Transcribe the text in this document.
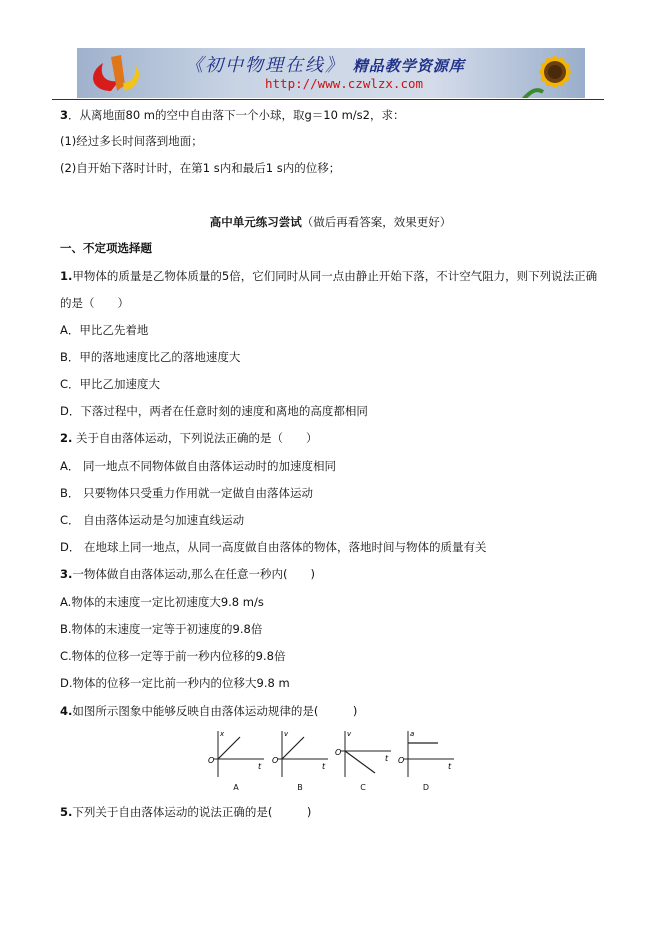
《初中物理在线》 精品教学资源库
http://www.czwlzx.com
3．从离地面80 m的空中自由落下一个小球，取g＝10 m/s2，求：
(1)经过多长时间落到地面；
(2)自开始下落时计时，在第1 s内和最后1 s内的位移；
高中单元练习尝试（做后再看答案，效果更好）
一、不定项选择题
1.甲物体的质量是乙物体质量的5倍，它们同时从同一点由静止开始下落，不计空气阻力，则下列说法正确
的是（　　）
A．甲比乙先着地
B．甲的落地速度比乙的落地速度大
C．甲比乙加速度大
D．下落过程中，两者在任意时刻的速度和离地的高度都相同
2. 关于自由落体运动，下列说法正确的是（　　）
A． 同一地点不同物体做自由落体运动时的加速度相同
B． 只要物体只受重力作用就一定做自由落体运动
C． 自由落体运动是匀加速直线运动
D． 在地球上同一地点，从同一高度做自由落体的物体，落地时间与物体的质量有关
3.一物体做自由落体运动,那么在任意一秒内(　　)
A.物体的末速度一定比初速度大9.8 m/s
B.物体的末速度一定等于初速度的9.8倍
C.物体的位移一定等于前一秒内位移的9.8倍
D.物体的位移一定比前一秒内的位移大9.8 m
4.如图所示图象中能够反映自由落体运动规律的是(　　　)
x
O
t
A
v
O
t
B
v
O
t
C
a
O
t
D
5.下列关于自由落体运动的说法正确的是(　　　)
